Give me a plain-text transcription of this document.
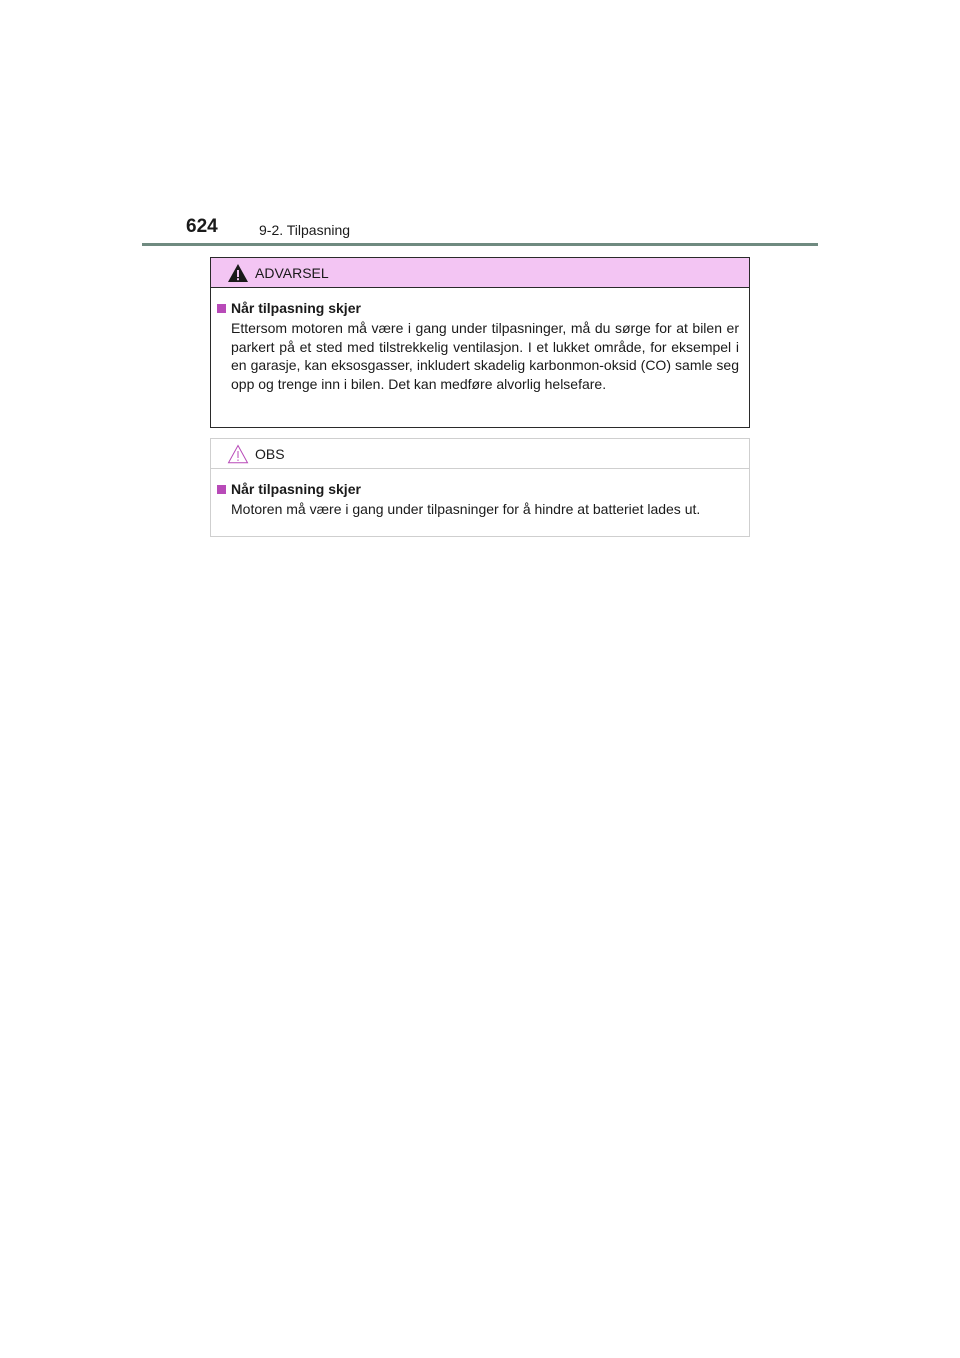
624	9-2. Tilpasning
ADVARSEL
Når tilpasning skjer
Ettersom motoren må være i gang under tilpasninger, må du sørge for at bilen er parkert på et sted med tilstrekkelig ventilasjon. I et lukket område, for eksempel i en garasje, kan eksosgasser, inkludert skadelig karbonmon-oksid (CO) samle seg opp og trenge inn i bilen. Det kan medføre alvorlig helsefare.
OBS
Når tilpasning skjer
Motoren må være i gang under tilpasninger for å hindre at batteriet lades ut.
